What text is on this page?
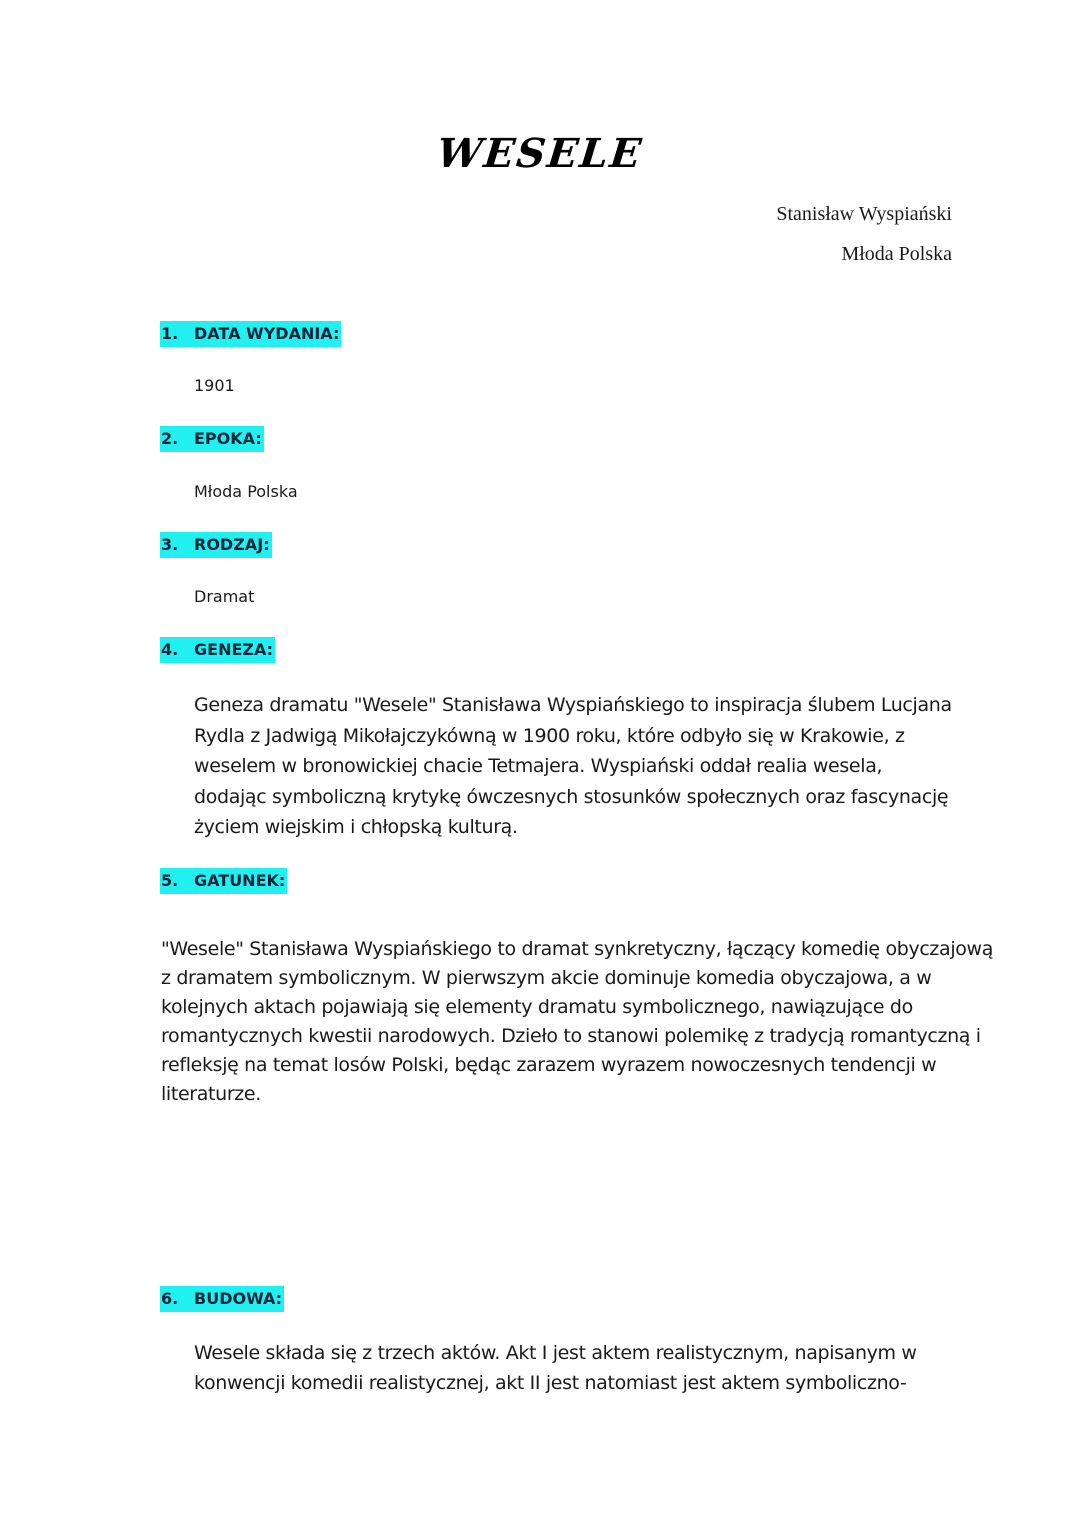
WESELE
Stanisław Wyspiański
Młoda Polska
1. DATA WYDANIA:
1901
2. EPOKA:
Młoda Polska
3. RODZAJ:
Dramat
4. GENEZA:
Geneza dramatu "Wesele" Stanisława Wyspiańskiego to inspiracja ślubem Lucjana
Rydla z Jadwigą Mikołajczykówną w 1900 roku, które odbyło się w Krakowie, z
weselem w bronowickiej chacie Tetmajera. Wyspiański oddał realia wesela,
dodając symboliczną krytykę ówczesnych stosunków społecznych oraz fascynację
życiem wiejskim i chłopską kulturą.
5. GATUNEK:
"Wesele" Stanisława Wyspiańskiego to dramat synkretyczny, łączący komedię obyczajową
z dramatem symbolicznym. W pierwszym akcie dominuje komedia obyczajowa, a w
kolejnych aktach pojawiają się elementy dramatu symbolicznego, nawiązujące do
romantycznych kwestii narodowych. Dzieło to stanowi polemikę z tradycją romantyczną i
refleksję na temat losów Polski, będąc zarazem wyrazem nowoczesnych tendencji w
literaturze.
6. BUDOWA:
Wesele składa się z trzech aktów. Akt I jest aktem realistycznym, napisanym w
konwencji komedii realistycznej, akt II jest natomiast jest aktem symboliczno-
